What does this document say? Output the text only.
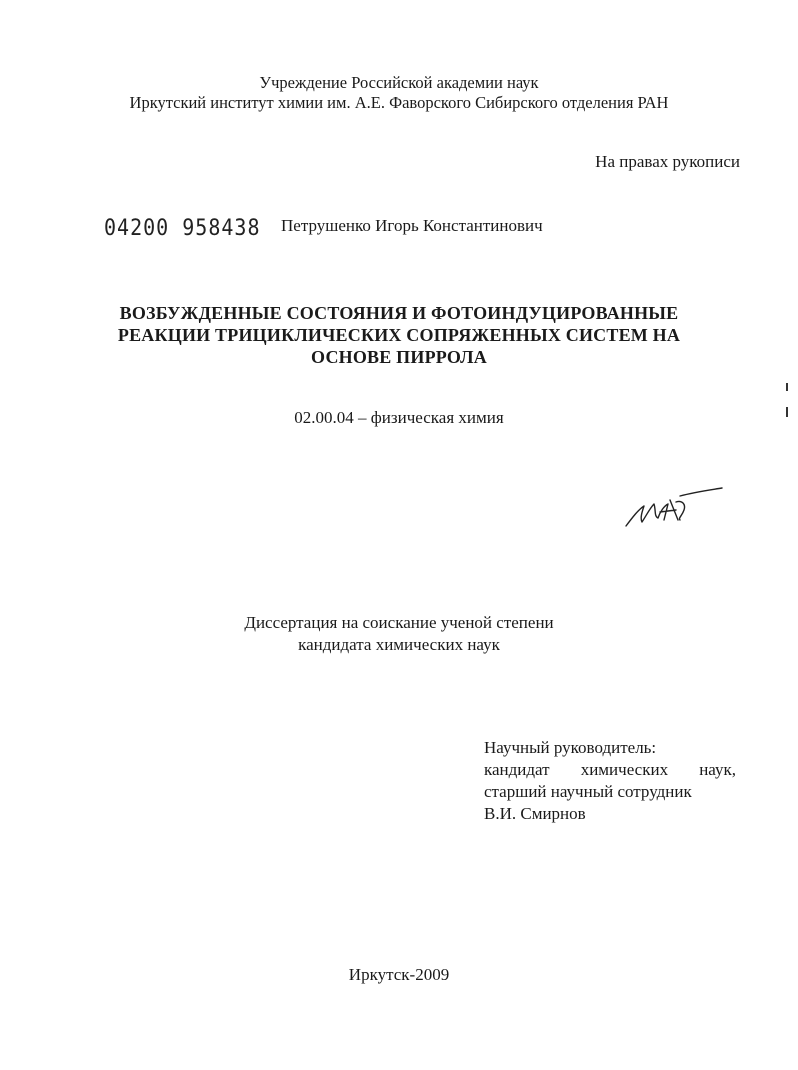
Учреждение Российской академии наук
Иркутский институт химии им. А.Е. Фаворского Сибирского отделения РАН
На правах рукописи
04200 958438 Петрушенко Игорь Константинович
ВОЗБУЖДЕННЫЕ СОСТОЯНИЯ И ФОТОИНДУЦИРОВАННЫЕ
РЕАКЦИИ ТРИЦИКЛИЧЕСКИХ СОПРЯЖЕННЫХ СИСТЕМ НА
ОСНОВЕ ПИРРОЛА
02.00.04 – физическая химия
Диссертация на соискание ученой степени
кандидата химических наук
Научный руководитель:
кандидат химических наук,
старший научный сотрудник
В.И. Смирнов
Иркутск-2009
